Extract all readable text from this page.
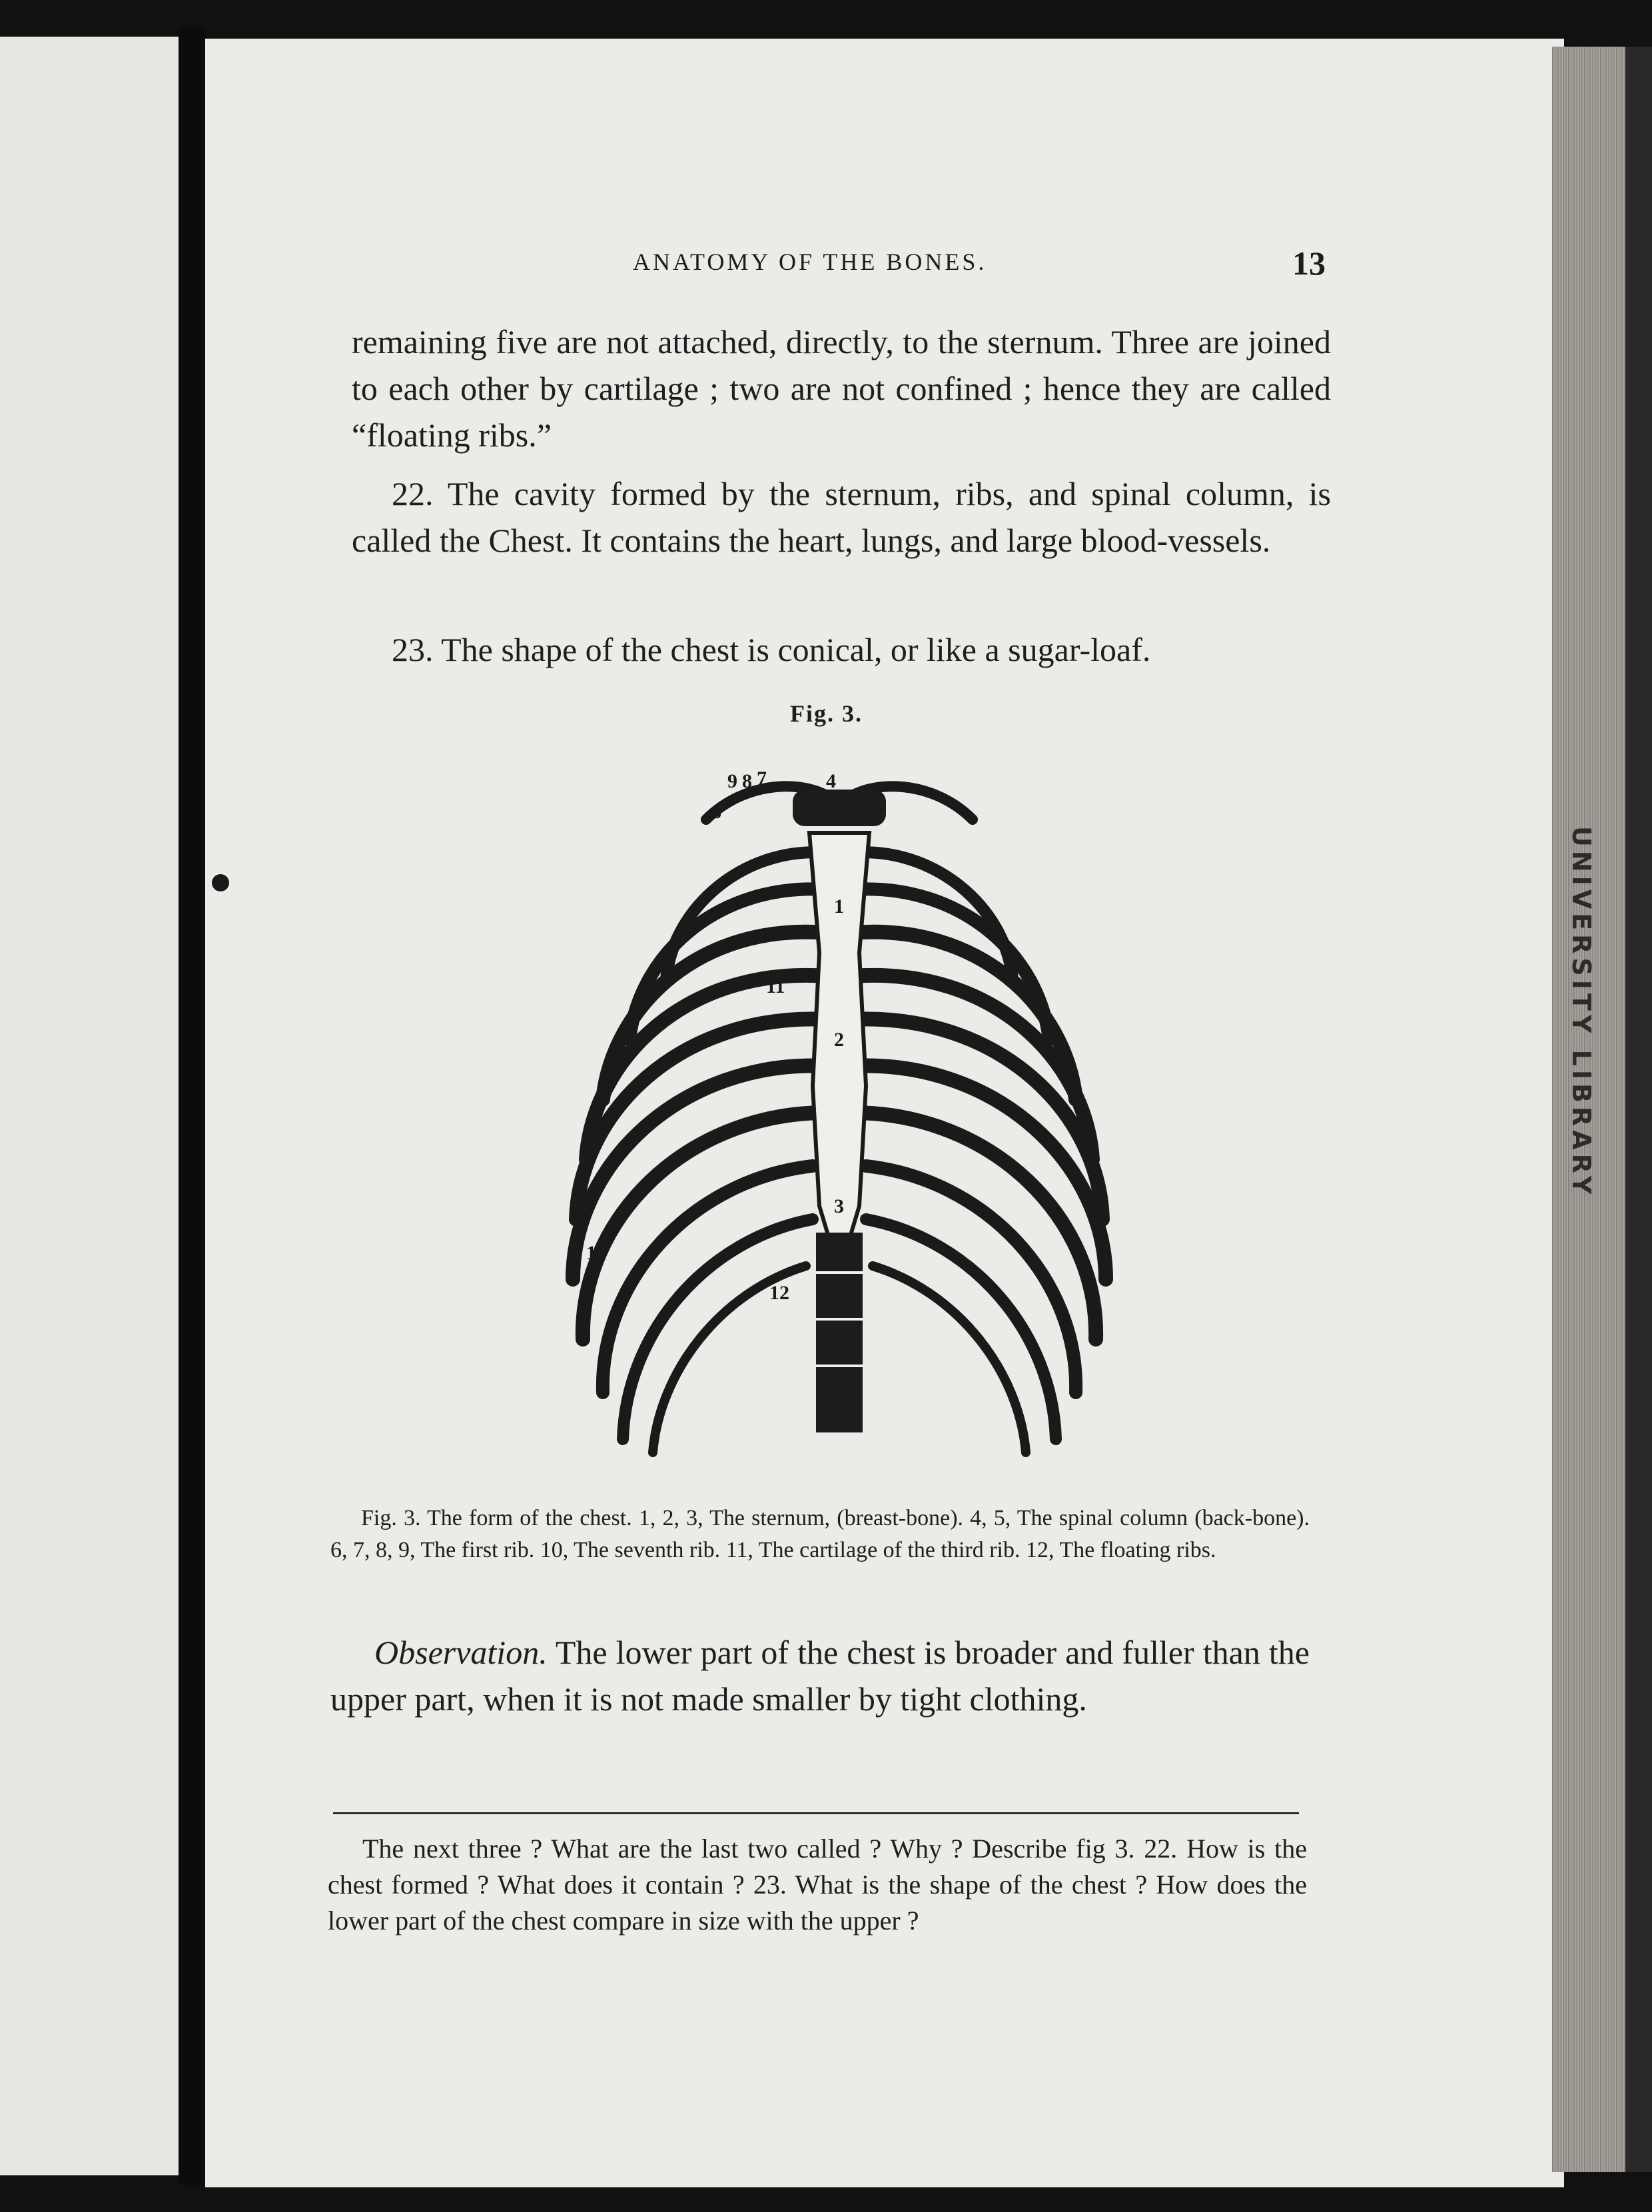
UNIVERSITY LIBRARY
ANATOMY OF THE BONES.	13

remaining five are not attached, directly, to the sternum. Three are joined to each other by cartilage ; two are not confined ; hence they are called “floating ribs.”

22. The cavity formed by the sternum, ribs, and spinal column, is called the Chest. It contains the heart, lungs, and large blood-vessels.

23. The shape of the chest is conical, or like a sugar-loaf.

Fig. 3.
9 8 7
6
4
1
2
11
3
10
12
5

Fig. 3. The form of the chest. 1, 2, 3, The sternum, (breast-bone). 4, 5, The spinal column (back-bone). 6, 7, 8, 9, The first rib. 10, The seventh rib. 11, The cartilage of the third rib. 12, The floating ribs.

Observation. The lower part of the chest is broader and fuller than the upper part, when it is not made smaller by tight clothing.

The next three ? What are the last two called ? Why ? Describe fig 3. 22. How is the chest formed ? What does it contain ? 23. What is the shape of the chest ? How does the lower part of the chest compare in size with the upper ?
